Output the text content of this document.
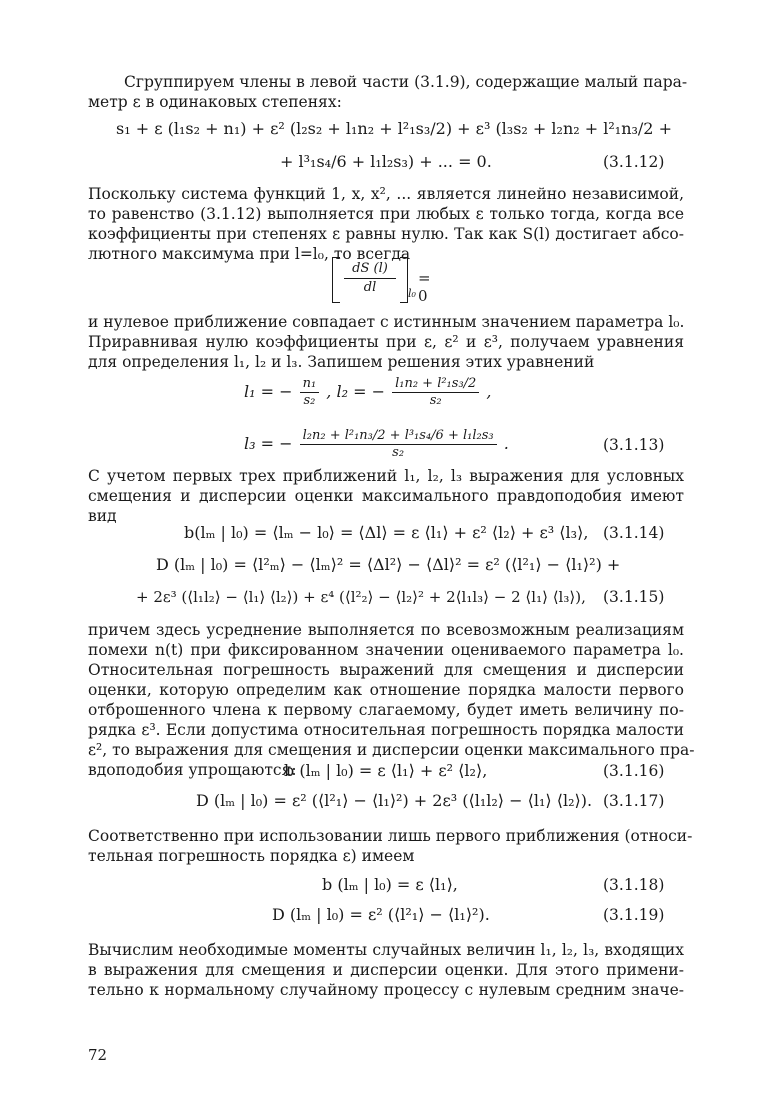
Сгруппируем члены в левой части (3.1.9), содержащие малый пара-
метр ε в одинаковых степенях:
s₁ + ε (l₁s₂ + n₁) + ε² (l₂s₂ + l₁n₂ + l²₁s₃/2) + ε³ (l₃s₂ + l₂n₂ + l²₁n₃/2 +
+ l³₁s₄/6 + l₁l₂s₃) + ... = 0.	(3.1.12)
Поскольку система функций 1, x, x², ... является линейно независимой,
то равенство (3.1.12) выполняется при любых ε только тогда, когда все
коэффициенты при степенях ε равны нулю. Так как S(l) достигает абсо-
лютного максимума при l=l₀, то всегда
$\frac{dS (l)}{dl} l_0$
= 0
и нулевое приближение совпадает с истинным значением параметра l₀.
Приравнивая нулю коэффициенты при ε, ε² и ε³, получаем уравнения
для определения l₁, l₂ и l₃. Запишем решения этих уравнений
l₁ = − $\frac{\text{n₁}}{\text{s₂}}$ , l₂ = − $\frac{\text{l₁n₂ + l²₁s₃/2}}{\text{s₂}}$ ,
l₃ = − $\frac{\text{l₂n₂ + l²₁n₃/2 + l³₁s₄/6 + l₁l₂s₃}}{\text{s₂}}$ .	(3.1.13)
С учетом первых трех приближений l₁, l₂, l₃ выражения для условных
смещения и дисперсии оценки максимального правдоподобия имеют
вид
b(lₘ | l₀) = ⟨lₘ − l₀⟩ = ⟨Δl⟩ = ε ⟨l₁⟩ + ε² ⟨l₂⟩ + ε³ ⟨l₃⟩, (3.1.14)
D (lₘ | l₀) = ⟨l²ₘ⟩ − ⟨lₘ⟩² = ⟨Δl²⟩ − ⟨Δl⟩² = ε² (⟨l²₁⟩ − ⟨l₁⟩²) +
+ 2ε³ (⟨l₁l₂⟩ − ⟨l₁⟩ ⟨l₂⟩) + ε⁴ (⟨l²₂⟩ − ⟨l₂⟩² + 2⟨l₁l₃⟩ − 2 ⟨l₁⟩ ⟨l₃⟩), (3.1.15)
причем здесь усреднение выполняется по всевозможным реализациям
помехи n(t) при фиксированном значении оцениваемого параметра l₀.
Относительная погрешность выражений для смещения и дисперсии
оценки, которую определим как отношение порядка малости первого
отброшенного члена к первому слагаемому, будет иметь величину по-
рядка ε³. Если допустима относительная погрешность порядка малости
ε², то выражения для смещения и дисперсии оценки максимального пра-
вдоподобия упрощаются:
b (lₘ | l₀) = ε ⟨l₁⟩ + ε² ⟨l₂⟩,	(3.1.16)
D (lₘ | l₀) = ε² (⟨l²₁⟩ − ⟨l₁⟩²) + 2ε³ (⟨l₁l₂⟩ − ⟨l₁⟩ ⟨l₂⟩). (3.1.17)
Соответственно при использовании лишь первого приближения (относи-
тельная погрешность порядка ε) имеем
b (lₘ | l₀) = ε ⟨l₁⟩,	(3.1.18)
D (lₘ | l₀) = ε² (⟨l²₁⟩ − ⟨l₁⟩²).	(3.1.19)
Вычислим необходимые моменты случайных величин l₁, l₂, l₃, входящих
в выражения для смещения и дисперсии оценки. Для этого примени-
тельно к нормальному случайному процессу с нулевым средним значе-
72
